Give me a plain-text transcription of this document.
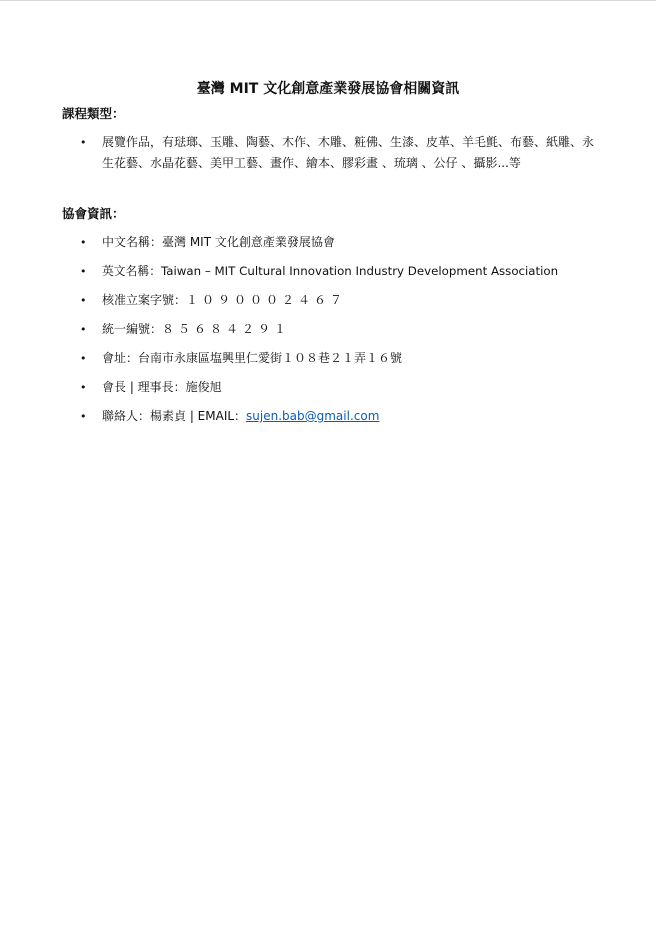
臺灣 MIT 文化創意產業發展協會相關資訊
課程類型：
• 展覽作品，有琺瑯、玉雕、陶藝、木作、木雕、粧佛、生漆、皮革、羊毛氈、布藝、紙雕、永生花藝、水晶花藝、美甲工藝、畫作、繪本、膠彩畫 、琉璃 、公仔 、攝影...等
協會資訊：
• 中文名稱：臺灣 MIT 文化創意產業發展協會
• 英文名稱：Taiwan – MIT Cultural Innovation Industry Development Association
• 核准立案字號：１０９０００２４６７
• 統一編號：８５６８４２９１
• 會址：台南市永康區塩興里仁愛街１０８巷２１弄１６號
• 會長 | 理事長：施俊旭
• 聯絡人：楊素貞 | EMAIL：sujen.bab@gmail.com
